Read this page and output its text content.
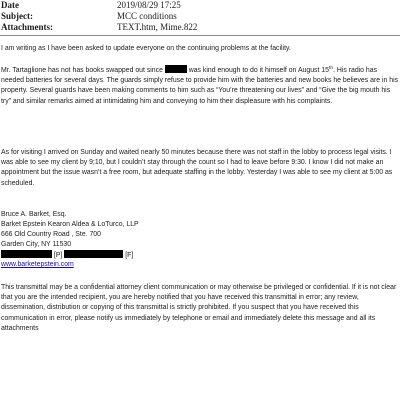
Date	2019/08/29 17:25
Subject:	MCC conditions
Attachments:	TEXT.htm, Mime.822

I am writing as I have been asked to update everyone on the continuing problems at the facility.

Mr. Tartaglione has not has books swapped out since	was kind enough to do it himself on August 15th. His radio has needed batteries for several days. The guards simply refuse to provide him with the batteries and new books he believes are in his property. Several guards have been making comments to him such as “You’re threatening our lives” and “Give the big mouth his try” and similar remarks aimed at intimidating him and conveying to him their displeasure with his complaints.

As for visiting I arrived on Sunday and waited nearly 50 minutes because there was not staff in the lobby to process legal visits. I was able to see my client by 9;10, but I couldn’t stay through the count so I had to leave before 9:30. I know I did not make an appointment but the issue wasn’t a free room, but adequate staffing in the lobby. Yesterday I was able to see my client at 5:00 as scheduled.

Bruce A. Barket, Esq.
Barket Epstein Kearon Aldea & LoTurco, LLP
666 Old Country Road , Ste. 700
Garden City, NY 11530
[P]	[F]
www.barketepstein.com

This transmittal may be a confidential attorney client communication or may otherwise be privileged or confidential. If it is not clear that you are the intended recipient, you are hereby notified that you have received this transmittal in error; any review, dissemination, distribution or copying of this transmittal is strictly prohibited. If you suspect that you have received this communication in error, please notify us immediately by telephone or email and immediately delete this message and all its attachments
